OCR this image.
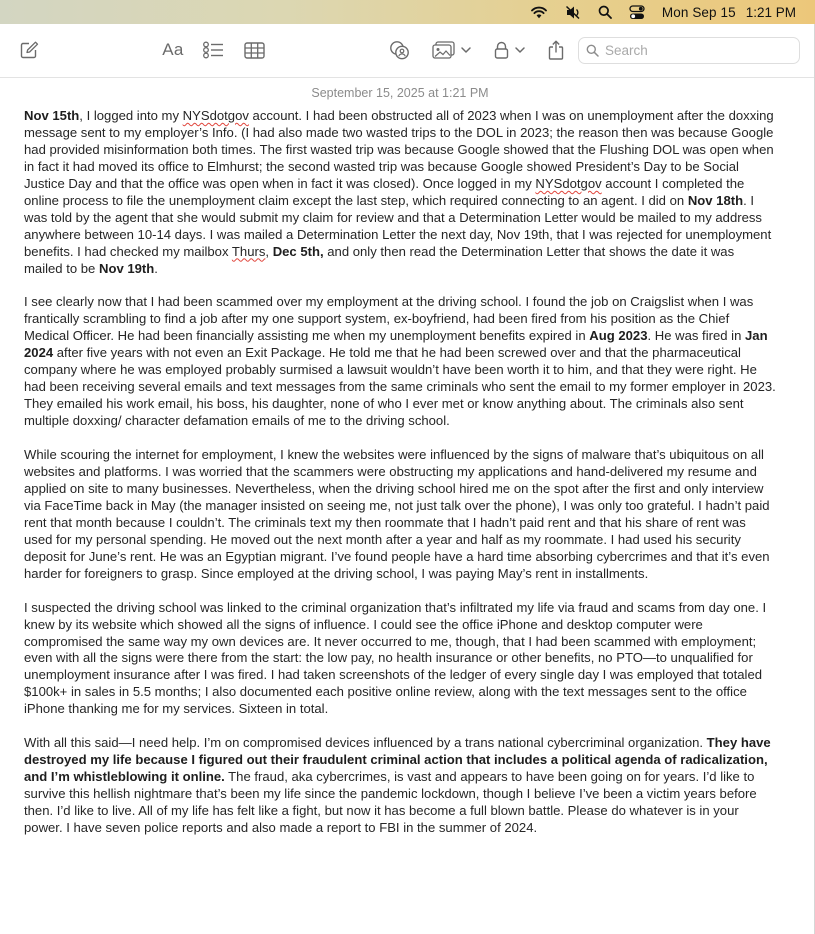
Mon Sep 15 1:21 PM
Aa
Search
September 15, 2025 at 1:21 PM

Nov 15th, I logged into my NYSdotgov account. I had been obstructed all of 2023 when I was on unemployment after the doxxing message sent to my employer’s Info. (I had also made two wasted trips to the DOL in 2023; the reason then was because Google had provided misinformation both times. The first wasted trip was because Google showed that the Flushing DOL was open when in fact it had moved its office to Elmhurst; the second wasted trip was because Google showed President’s Day to be Social Justice Day and that the office was open when in fact it was closed). Once logged in my NYSdotgov account I completed the online process to file the unemployment claim except the last step, which required connecting to an agent. I did on Nov 18th. I was told by the agent that she would submit my claim for review and that a Determination Letter would be mailed to my address anywhere between 10-14 days. I was mailed a Determination Letter the next day, Nov 19th, that I was rejected for unemployment benefits. I had checked my mailbox Thurs, Dec 5th, and only then read the Determination Letter that shows the date it was mailed to be Nov 19th.

I see clearly now that I had been scammed over my employment at the driving school. I found the job on Craigslist when I was frantically scrambling to find a job after my one support system, ex-boyfriend, had been fired from his position as the Chief Medical Officer. He had been financially assisting me when my unemployment benefits expired in Aug 2023. He was fired in Jan 2024 after five years with not even an Exit Package. He told me that he had been screwed over and that the pharmaceutical company where he was employed probably surmised a lawsuit wouldn’t have been worth it to him, and that they were right. He had been receiving several emails and text messages from the same criminals who sent the email to my former employer in 2023. They emailed his work email, his boss, his daughter, none of who I ever met or know anything about. The criminals also sent multiple doxxing/ character defamation emails of me to the driving school.

While scouring the internet for employment, I knew the websites were influenced by the signs of malware that’s ubiquitous on all websites and platforms. I was worried that the scammers were obstructing my applications and hand-delivered my resume and applied on site to many businesses. Nevertheless, when the driving school hired me on the spot after the first and only interview via FaceTime back in May (the manager insisted on seeing me, not just talk over the phone), I was only too grateful. I hadn’t paid rent that month because I couldn’t. The criminals text my then roommate that I hadn’t paid rent and that his share of rent was used for my personal spending. He moved out the next month after a year and half as my roommate. I had used his security deposit for June’s rent. He was an Egyptian migrant. I’ve found people have a hard time absorbing cybercrimes and that it’s even harder for foreigners to grasp. Since employed at the driving school, I was paying May’s rent in installments.

I suspected the driving school was linked to the criminal organization that’s infiltrated my life via fraud and scams from day one. I knew by its website which showed all the signs of influence. I could see the office iPhone and desktop computer were compromised the same way my own devices are. It never occurred to me, though, that I had been scammed with employment; even with all the signs were there from the start: the low pay, no health insurance or other benefits, no PTO—to unqualified for unemployment insurance after I was fired. I had taken screenshots of the ledger of every single day I was employed that totaled $100k+ in sales in 5.5 months; I also documented each positive online review, along with the text messages sent to the office iPhone thanking me for my services. Sixteen in total.

With all this said—I need help. I’m on compromised devices influenced by a trans national cybercriminal organization. They have destroyed my life because I figured out their fraudulent criminal action that includes a political agenda of radicalization, and I’m whistleblowing it online. The fraud, aka cybercrimes, is vast and appears to have been going on for years. I’d like to survive this hellish nightmare that’s been my life since the pandemic lockdown, though I believe I’ve been a victim years before then. I’d like to live. All of my life has felt like a fight, but now it has become a full blown battle. Please do whatever is in your power. I have seven police reports and also made a report to FBI in the summer of 2024.
